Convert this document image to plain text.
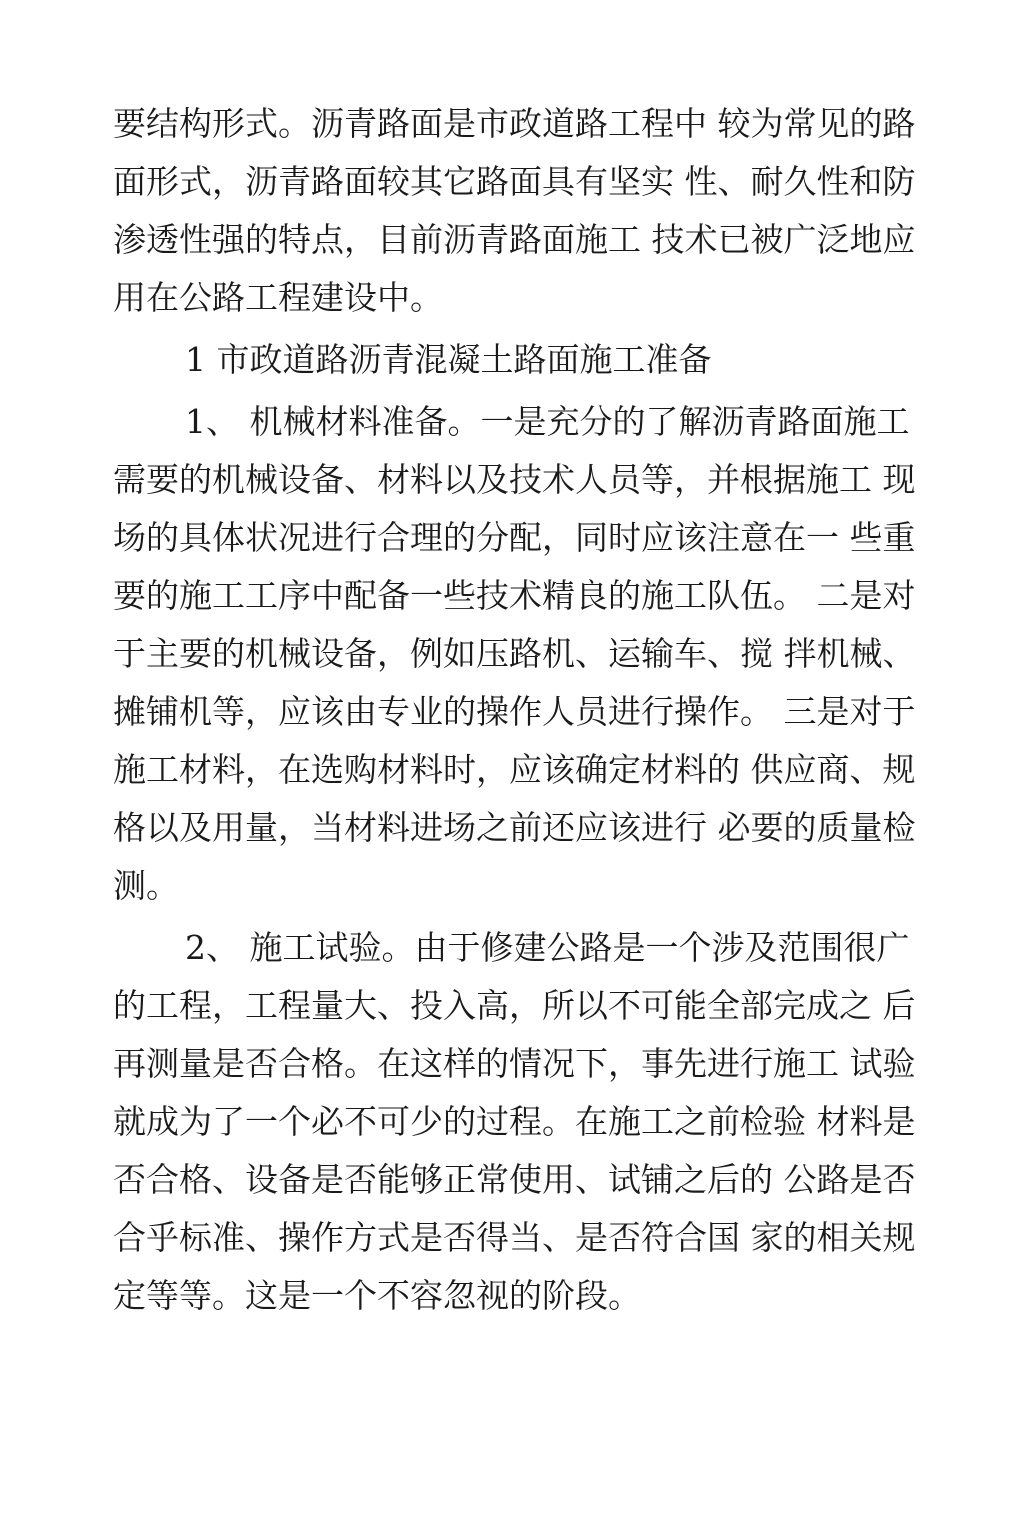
要结构形式。沥青路面是市政道路工程中 较为常见的路
面形式，沥青路面较其它路面具有坚实 性、耐久性和防
渗透性强的特点，目前沥青路面施工 技术已被广泛地应
用在公路工程建设中。
1 市政道路沥青混凝土路面施工准备
1、 机械材料准备。一是充分的了解沥青路面施工
需要的机械设备、材料以及技术人员等，并根据施工 现
场的具体状况进行合理的分配，同时应该注意在一 些重
要的施工工序中配备一些技术精良的施工队伍。 二是对
于主要的机械设备，例如压路机、运输车、搅 拌机械、
摊铺机等，应该由专业的操作人员进行操作。 三是对于
施工材料，在选购材料时，应该确定材料的 供应商、规
格以及用量，当材料进场之前还应该进行 必要的质量检
测。
2、 施工试验。由于修建公路是一个涉及范围很广
的工程，工程量大、投入高，所以不可能全部完成之 后
再测量是否合格。在这样的情况下，事先进行施工 试验
就成为了一个必不可少的过程。在施工之前检验 材料是
否合格、设备是否能够正常使用、试铺之后的 公路是否
合乎标准、操作方式是否得当、是否符合国 家的相关规
定等等。这是一个不容忽视的阶段。
